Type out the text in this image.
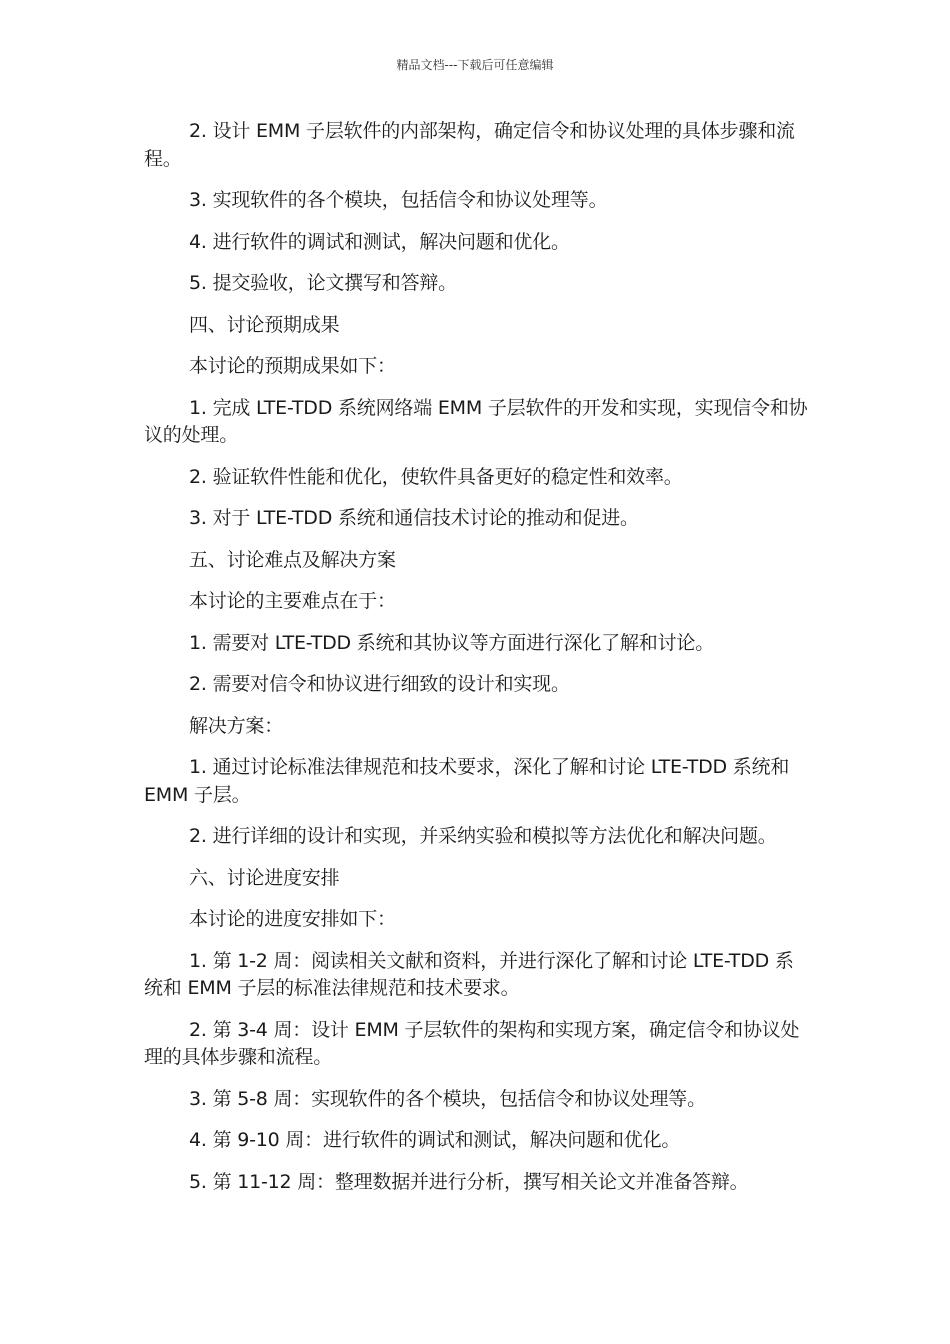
精品文档---下载后可任意编辑

2. 设计 EMM 子层软件的内部架构，确定信令和协议处理的具体步骤和流程。

3. 实现软件的各个模块，包括信令和协议处理等。

4. 进行软件的调试和测试，解决问题和优化。

5. 提交验收，论文撰写和答辩。

四、讨论预期成果

本讨论的预期成果如下：

1. 完成 LTE-TDD 系统网络端 EMM 子层软件的开发和实现，实现信令和协议的处理。

2. 验证软件性能和优化，使软件具备更好的稳定性和效率。

3. 对于 LTE-TDD 系统和通信技术讨论的推动和促进。

五、讨论难点及解决方案

本讨论的主要难点在于：

1. 需要对 LTE-TDD 系统和其协议等方面进行深化了解和讨论。

2. 需要对信令和协议进行细致的设计和实现。

解决方案：

1. 通过讨论标准法律规范和技术要求，深化了解和讨论 LTE-TDD 系统和 EMM 子层。

2. 进行详细的设计和实现，并采纳实验和模拟等方法优化和解决问题。

六、讨论进度安排

本讨论的进度安排如下：

1. 第 1-2 周：阅读相关文献和资料，并进行深化了解和讨论 LTE-TDD 系统和 EMM 子层的标准法律规范和技术要求。

2. 第 3-4 周：设计 EMM 子层软件的架构和实现方案，确定信令和协议处理的具体步骤和流程。

3. 第 5-8 周：实现软件的各个模块，包括信令和协议处理等。

4. 第 9-10 周：进行软件的调试和测试，解决问题和优化。

5. 第 11-12 周：整理数据并进行分析，撰写相关论文并准备答辩。
